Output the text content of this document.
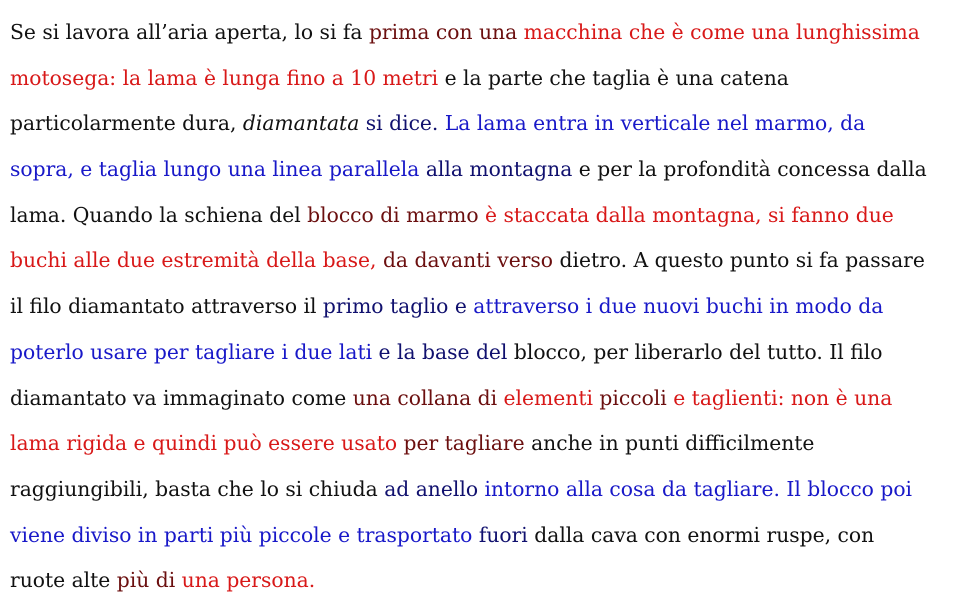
Se si lavora all’aria aperta, lo si fa prima con una macchina che è come una lunghissima
motosega: la lama è lunga fino a 10 metri e la parte che taglia è una catena
particolarmente dura, diamantata si dice. La lama entra in verticale nel marmo, da
sopra, e taglia lungo una linea parallela alla montagna e per la profondità concessa dalla
lama. Quando la schiena del blocco di marmo è staccata dalla montagna, si fanno due
buchi alle due estremità della base, da davanti verso dietro. A questo punto si fa passare
il filo diamantato attraverso il primo taglio e attraverso i due nuovi buchi in modo da
poterlo usare per tagliare i due lati e la base del blocco, per liberarlo del tutto. Il filo
diamantato va immaginato come una collana di elementi piccoli e taglienti: non è una
lama rigida e quindi può essere usato per tagliare anche in punti difficilmente
raggiungibili, basta che lo si chiuda ad anello intorno alla cosa da tagliare. Il blocco poi
viene diviso in parti più piccole e trasportato fuori dalla cava con enormi ruspe, con
ruote alte più di una persona.
